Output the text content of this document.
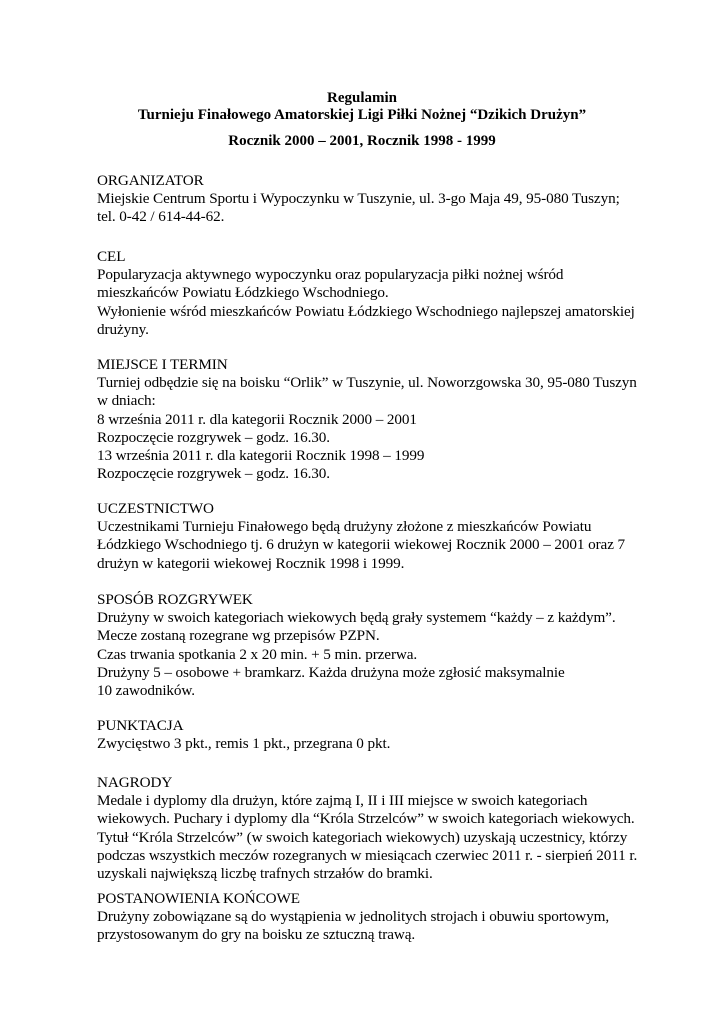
Regulamin
Turnieju Finałowego Amatorskiej Ligi Piłki Nożnej “Dzikich Drużyn”
Rocznik 2000 – 2001, Rocznik 1998 - 1999
ORGANIZATOR
Miejskie Centrum Sportu i Wypoczynku w Tuszynie, ul. 3-go Maja 49, 95-080 Tuszyn;
tel. 0-42 / 614-44-62.
CEL
Popularyzacja aktywnego wypoczynku oraz popularyzacja piłki nożnej wśród
mieszkańców Powiatu Łódzkiego Wschodniego.
Wyłonienie wśród mieszkańców Powiatu Łódzkiego Wschodniego najlepszej amatorskiej
drużyny.
MIEJSCE I TERMIN
Turniej odbędzie się na boisku “Orlik” w Tuszynie, ul. Noworzgowska 30, 95-080 Tuszyn
w dniach:
8 września 2011 r. dla kategorii Rocznik 2000 – 2001
Rozpoczęcie rozgrywek – godz. 16.30.
13 września 2011 r. dla kategorii Rocznik 1998 – 1999
Rozpoczęcie rozgrywek – godz. 16.30.
UCZESTNICTWO
Uczestnikami Turnieju Finałowego będą drużyny złożone z mieszkańców Powiatu
Łódzkiego Wschodniego tj. 6 drużyn w kategorii wiekowej Rocznik 2000 – 2001 oraz 7
drużyn w kategorii wiekowej Rocznik 1998 i 1999.
SPOSÓB ROZGRYWEK
Drużyny w swoich kategoriach wiekowych będą grały systemem “każdy – z każdym”.
Mecze zostaną rozegrane wg przepisów PZPN.
Czas trwania spotkania 2 x 20 min. + 5 min. przerwa.
Drużyny 5 – osobowe + bramkarz. Każda drużyna może zgłosić maksymalnie
10 zawodników.
PUNKTACJA
Zwycięstwo 3 pkt., remis 1 pkt., przegrana 0 pkt.
NAGRODY
Medale i dyplomy dla drużyn, które zajmą I, II i III miejsce w swoich kategoriach
wiekowych. Puchary i dyplomy dla “Króla Strzelców” w swoich kategoriach wiekowych.
Tytuł “Króla Strzelców” (w swoich kategoriach wiekowych) uzyskają uczestnicy, którzy
podczas wszystkich meczów rozegranych w miesiącach czerwiec 2011 r. - sierpień 2011 r.
uzyskali największą liczbę trafnych strzałów do bramki.
POSTANOWIENIA KOŃCOWE
Drużyny zobowiązane są do wystąpienia w jednolitych strojach i obuwiu sportowym,
przystosowanym do gry na boisku ze sztuczną trawą.
